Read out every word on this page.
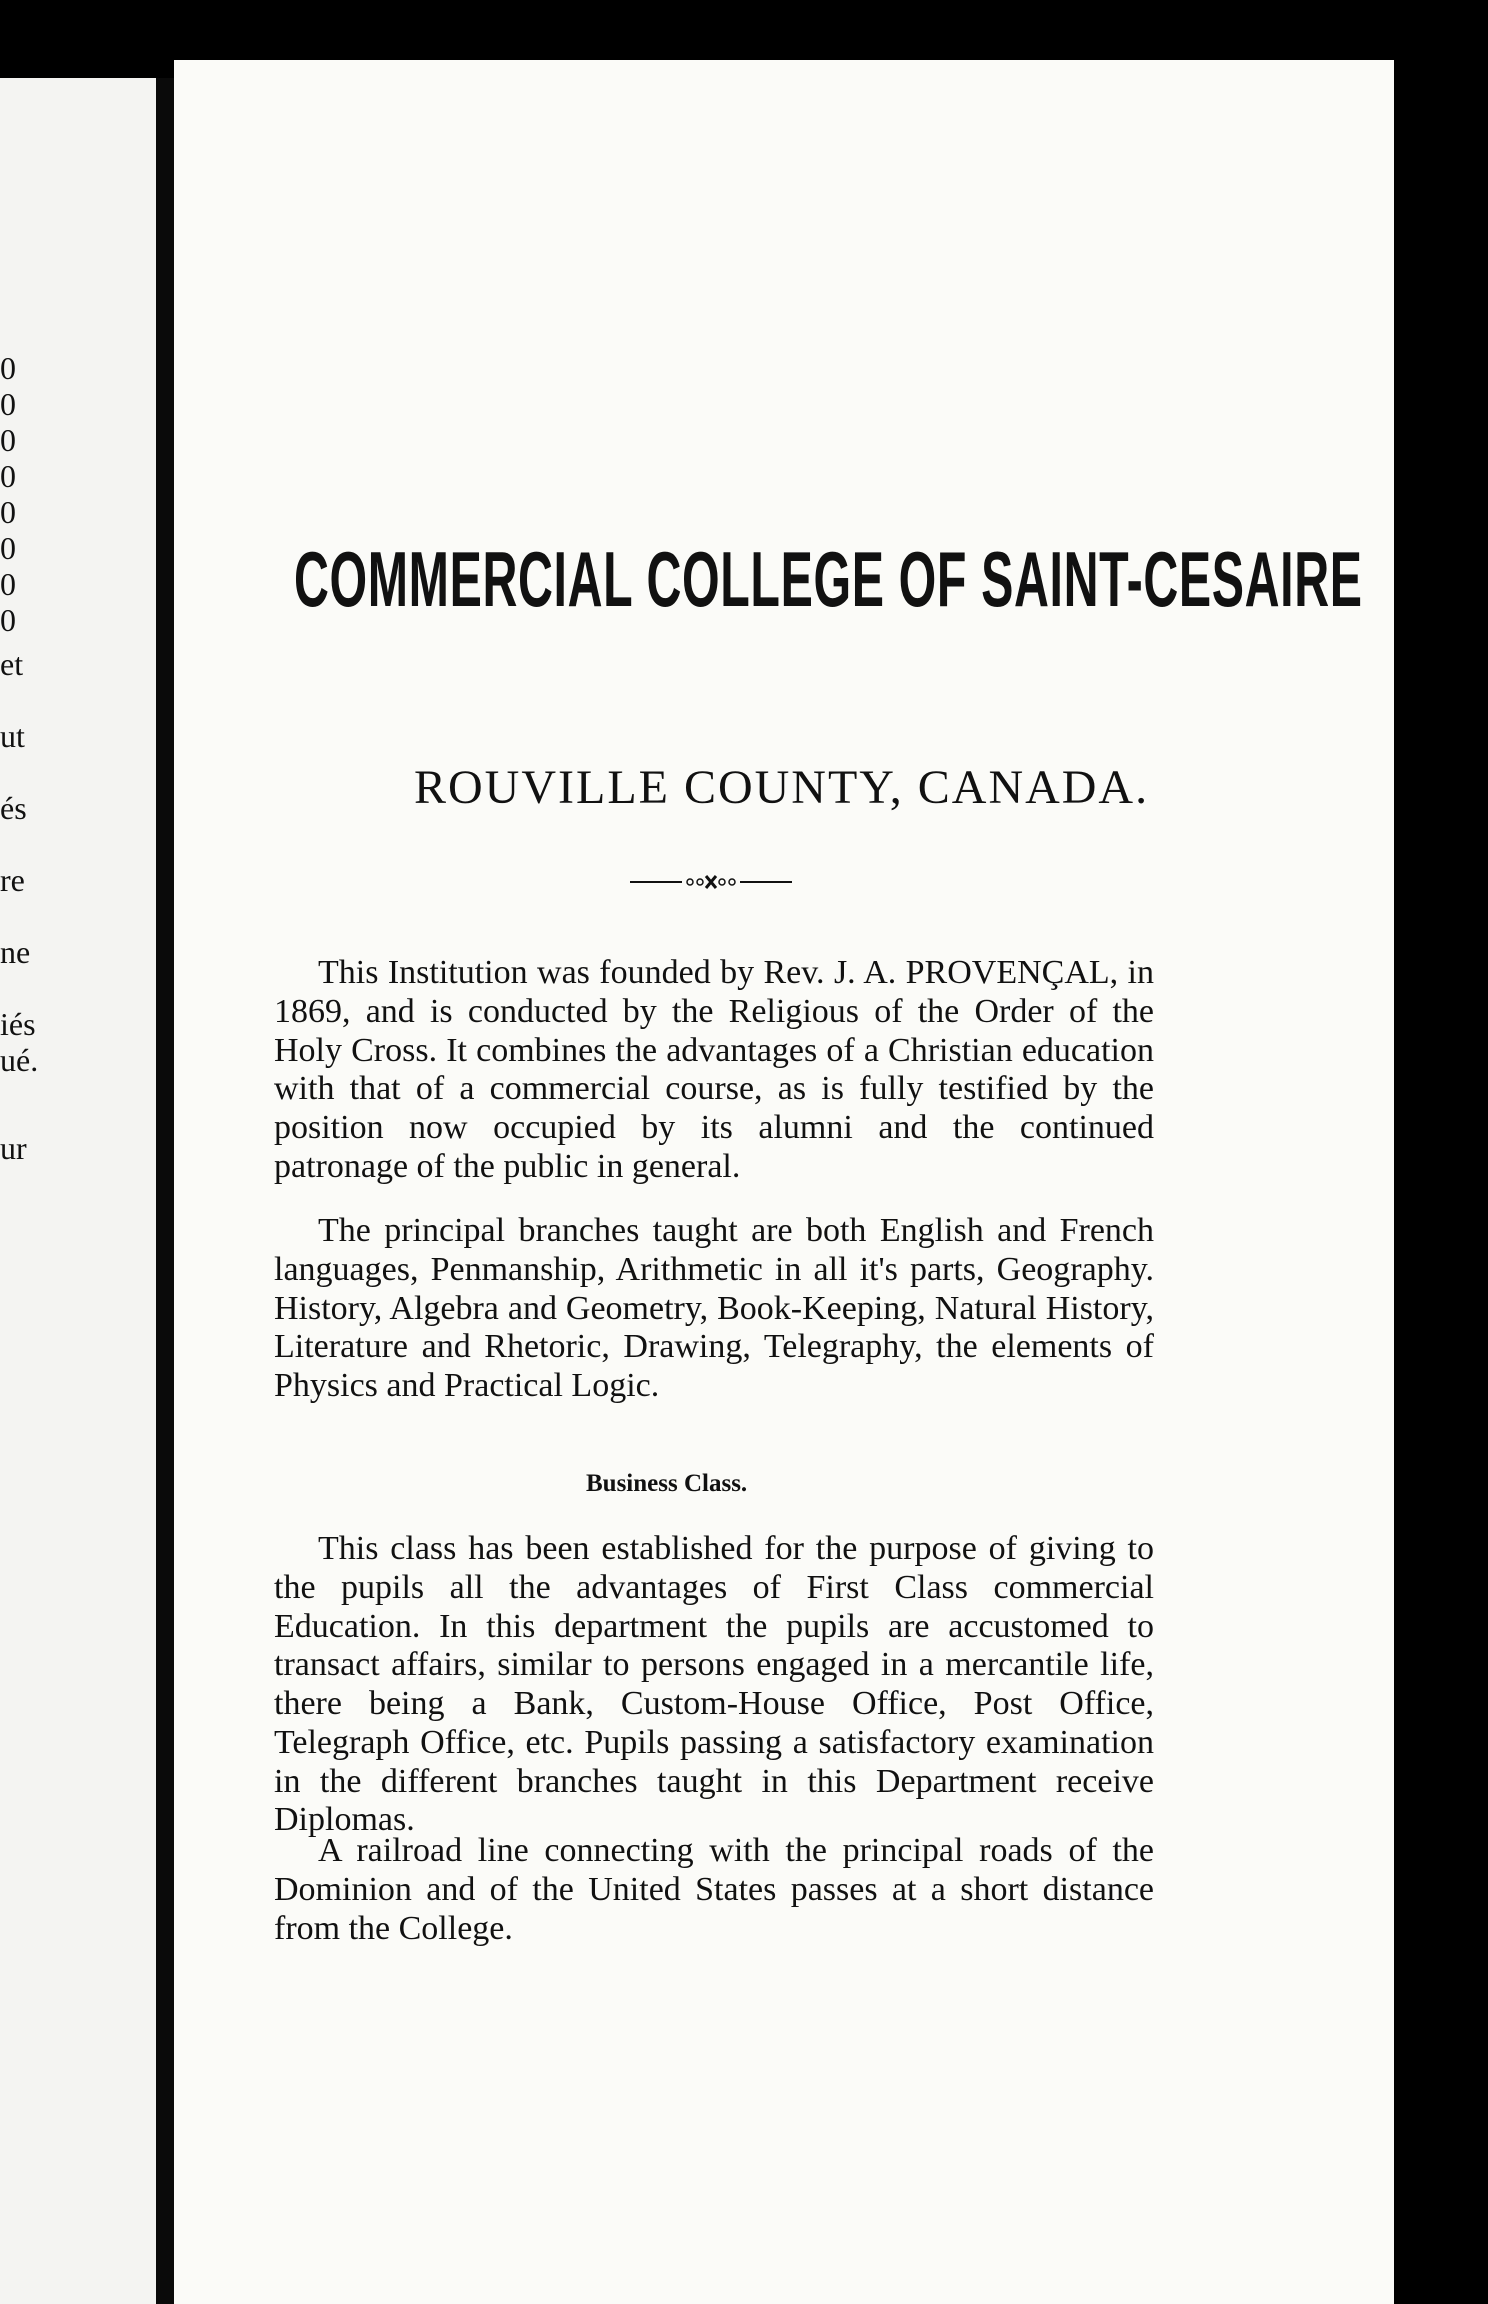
0
0
0
0
0
0
0
0
et
ut
és
re
ne
iés
ué.
ur
COMMERCIAL COLLEGE OF SAINT-CESAIRE
ROUVILLE COUNTY, CANADA.

This Institution was founded by Rev. J. A. PROVENÇAL, in 1869, and is conducted by the Religious of the Order of the Holy Cross. It combines the advantages of a Christian education with that of a commercial course, as is fully testified by the position now occupied by its alumni and the continued patronage of the public in general.

The principal branches taught are both English and French languages, Penmanship, Arithmetic in all it's parts, Geography. History, Algebra and Geometry, Book-Keeping, Natural History, Literature and Rhetoric, Drawing, Telegraphy, the elements of Physics and Practical Logic.

Business Class.

This class has been established for the purpose of giving to the pupils all the advantages of First Class commercial Education. In this department the pupils are accustomed to transact affairs, similar to persons engaged in a mercantile life, there being a Bank, Custom-House Office, Post Office, Telegraph Office, etc. Pupils passing a satisfactory examination in the different branches taught in this Department receive Diplomas.

A railroad line connecting with the principal roads of the Dominion and of the United States passes at a short distance from the College.
